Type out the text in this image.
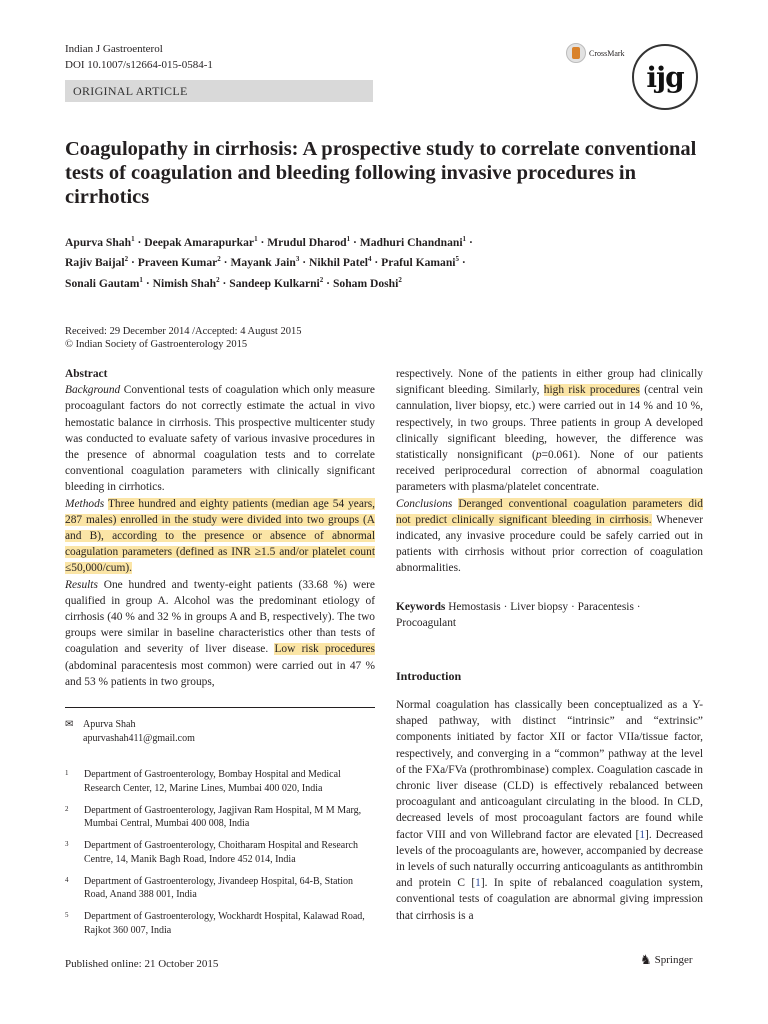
Indian J Gastroenterol
DOI 10.1007/s12664-015-0584-1
ORIGINAL ARTICLE
CrossMark
ijg
Coagulopathy in cirrhosis: A prospective study to correlate conventional tests of coagulation and bleeding following invasive procedures in cirrhotics
Apurva Shah$^1$ · Deepak Amarapurkar$^1$ · Mrudul Dharod$^1$ · Madhuri Chandnani$^1$ ·
Rajiv Baijal$^2$ · Praveen Kumar$^2$ · Mayank Jain$^3$ · Nikhil Patel$^4$ · Praful Kamani$^5$ ·
Sonali Gautam$^1$ · Nimish Shah$^2$ · Sandeep Kulkarni$^2$ · Soham Doshi$^2$
Received: 29 December 2014 /Accepted: 4 August 2015
© Indian Society of Gastroenterology 2015

Abstract

Background Conventional tests of coagulation which only measure procoagulant factors do not correctly estimate the actual in vivo hemostatic balance in cirrhosis. This prospective multicenter study was conducted to evaluate safety of various invasive procedures in the presence of abnormal coagulation tests and to correlate conventional coagulation parameters with clinically significant bleeding in cirrhotics.

Methods Three hundred and eighty patients (median age 54 years, 287 males) enrolled in the study were divided into two groups (A and B), according to the presence or absence of abnormal coagulation parameters (defined as INR ≥1.5 and/or platelet count ≤50,000/cum).

Results One hundred and twenty-eight patients (33.68 %) were qualified in group A. Alcohol was the predominant etiology of cirrhosis (40 % and 32 % in groups A and B, respectively). The two groups were similar in baseline characteristics other than tests of coagulation and severity of liver disease. Low risk procedures (abdominal paracentesis most common) were carried out in 47 % and 53 % patients in two groups,

respectively. None of the patients in either group had clinically significant bleeding. Similarly, high risk procedures (central vein cannulation, liver biopsy, etc.) were carried out in 14 % and 10 %, respectively, in two groups. Three patients in group A developed clinically significant bleeding, however, the difference was statistically nonsignificant (p=0.061). None of our patients received periprocedural correction of abnormal coagulation parameters with plasma/platelet concentrate.

Conclusions Deranged conventional coagulation parameters did not predict clinically significant bleeding in cirrhosis. Whenever indicated, any invasive procedure could be safely carried out in patients with cirrhosis without prior correction of coagulation abnormalities.

Keywords Hemostasis · Liver biopsy · Paracentesis · Procoagulant
Introduction

Normal coagulation has classically been conceptualized as a Y-shaped pathway, with distinct “intrinsic” and “extrinsic” components initiated by factor XII or factor VIIa/tissue factor, respectively, and converging in a “common” pathway at the level of the FXa/FVa (prothrombinase) complex. Coagulation cascade in chronic liver disease (CLD) is effectively rebalanced between procoagulant and anticoagulant circulating in the blood. In CLD, decreased levels of most procoagulant factors are found while factor VIII and von Willebrand factor are elevated [1]. Decreased levels of the procoagulants are, however, accompanied by decrease in levels of such naturally occurring anticoagulants as antithrombin and protein C [1]. In spite of rebalanced coagulation system, conventional tests of coagulation are abnormal giving impression that cirrhosis is a

✉ Apurva Shah
apurvashah411@gmail.com
1	Department of Gastroenterology, Bombay Hospital and Medical Research Center, 12, Marine Lines, Mumbai 400 020, India
2	Department of Gastroenterology, Jagjivan Ram Hospital, M M Marg, Mumbai Central, Mumbai 400 008, India
3	Department of Gastroenterology, Choitharam Hospital and Research Centre, 14, Manik Bagh Road, Indore 452 014, India
4	Department of Gastroenterology, Jivandeep Hospital, 64-B, Station Road, Anand 388 001, India
5	Department of Gastroenterology, Wockhardt Hospital, Kalawad Road, Rajkot 360 007, India
Published online: 21 October 2015	♞ Springer
